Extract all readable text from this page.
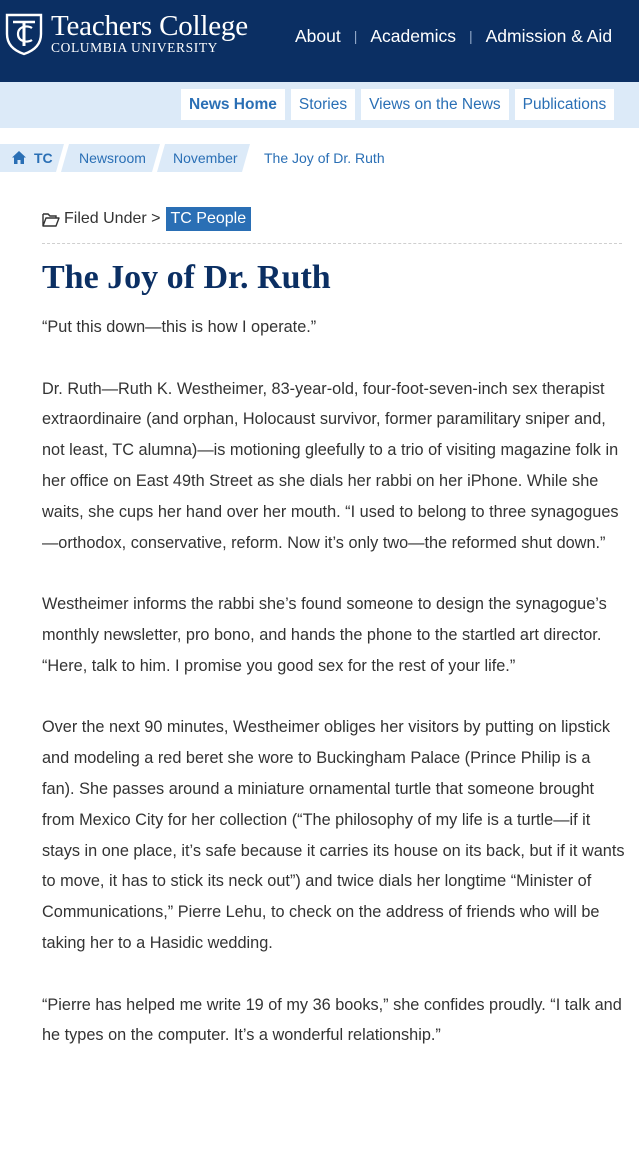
Teachers College
COLUMBIA UNIVERSITY
About | Academics | Admission & Aid
News Home	Stories	Views on the News	Publications
TC Newsroom November The Joy of Dr. Ruth
Filed Under > TC People
The Joy of Dr. Ruth

“Put this down—this is how I operate.”

Dr. Ruth—Ruth K. Westheimer, 83-year-old, four-foot-seven-inch sex therapist extraordinaire (and orphan, Holocaust survivor, former paramilitary sniper and, not least, TC alumna)—is motioning gleefully to a trio of visiting magazine folk in her office on East 49th Street as she dials her rabbi on her iPhone. While she waits, she cups her hand over her mouth. “I used to belong to three synagogues—orthodox, conservative, reform. Now it’s only two—the reformed shut down.”

Westheimer informs the rabbi she’s found someone to design the synagogue’s monthly newsletter, pro bono, and hands the phone to the startled art director. “Here, talk to him. I promise you good sex for the rest of your life.”

Over the next 90 minutes, Westheimer obliges her visitors by putting on lipstick and modeling a red beret she wore to Buckingham Palace (Prince Philip is a fan). She passes around a miniature ornamental turtle that someone brought from Mexico City for her collection (“The philosophy of my life is a turtle—if it stays in one place, it’s safe because it carries its house on its back, but if it wants to move, it has to stick its neck out”) and twice dials her longtime “Minister of Communications,” Pierre Lehu, to check on the address of friends who will be taking her to a Hasidic wedding.

“Pierre has helped me write 19 of my 36 books,” she confides proudly. “I talk and he types on the computer. It’s a wonderful relationship.”
